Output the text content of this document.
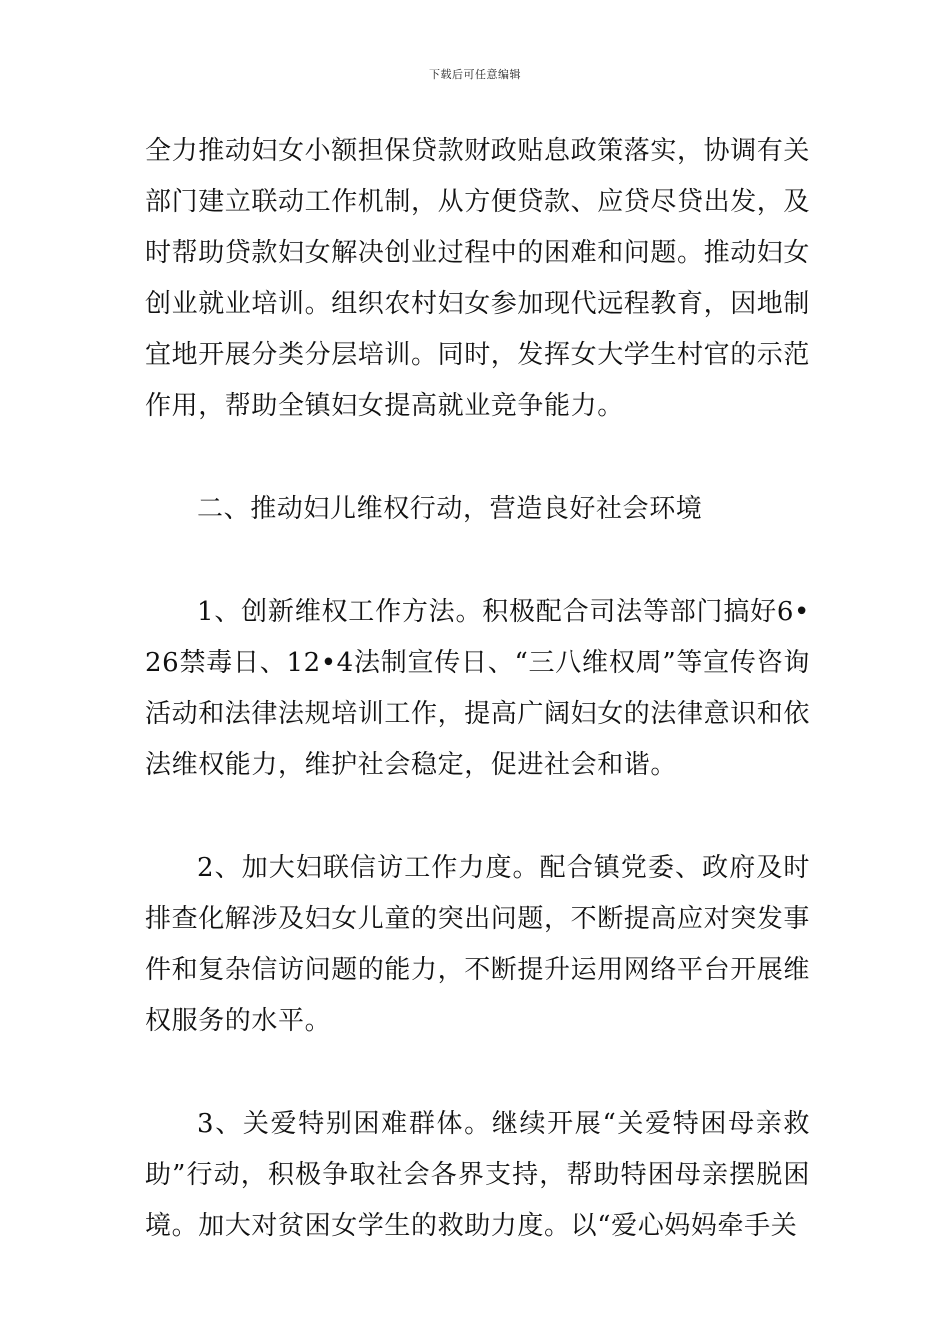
下载后可任意编辑

全力推动妇女小额担保贷款财政贴息政策落实，协调有关部门建立联动工作机制，从方便贷款、应贷尽贷出发，及时帮助贷款妇女解决创业过程中的困难和问题。推动妇女创业就业培训。组织农村妇女参加现代远程教育，因地制宜地开展分类分层培训。同时，发挥女大学生村官的示范作用，帮助全镇妇女提高就业竞争能力。

二、推动妇儿维权行动，营造良好社会环境

1、创新维权工作方法。积极配合司法等部门搞好6•26禁毒日、12•4法制宣传日、“三八维权周”等宣传咨询活动和法律法规培训工作，提高广阔妇女的法律意识和依法维权能力，维护社会稳定，促进社会和谐。

2、加大妇联信访工作力度。配合镇党委、政府及时排查化解涉及妇女儿童的突出问题，不断提高应对突发事件和复杂信访问题的能力，不断提升运用网络平台开展维权服务的水平。

3、关爱特别困难群体。继续开展“关爱特困母亲救助”行动，积极争取社会各界支持，帮助特困母亲摆脱困境。加大对贫困女学生的救助力度。以“爱心妈妈牵手关
